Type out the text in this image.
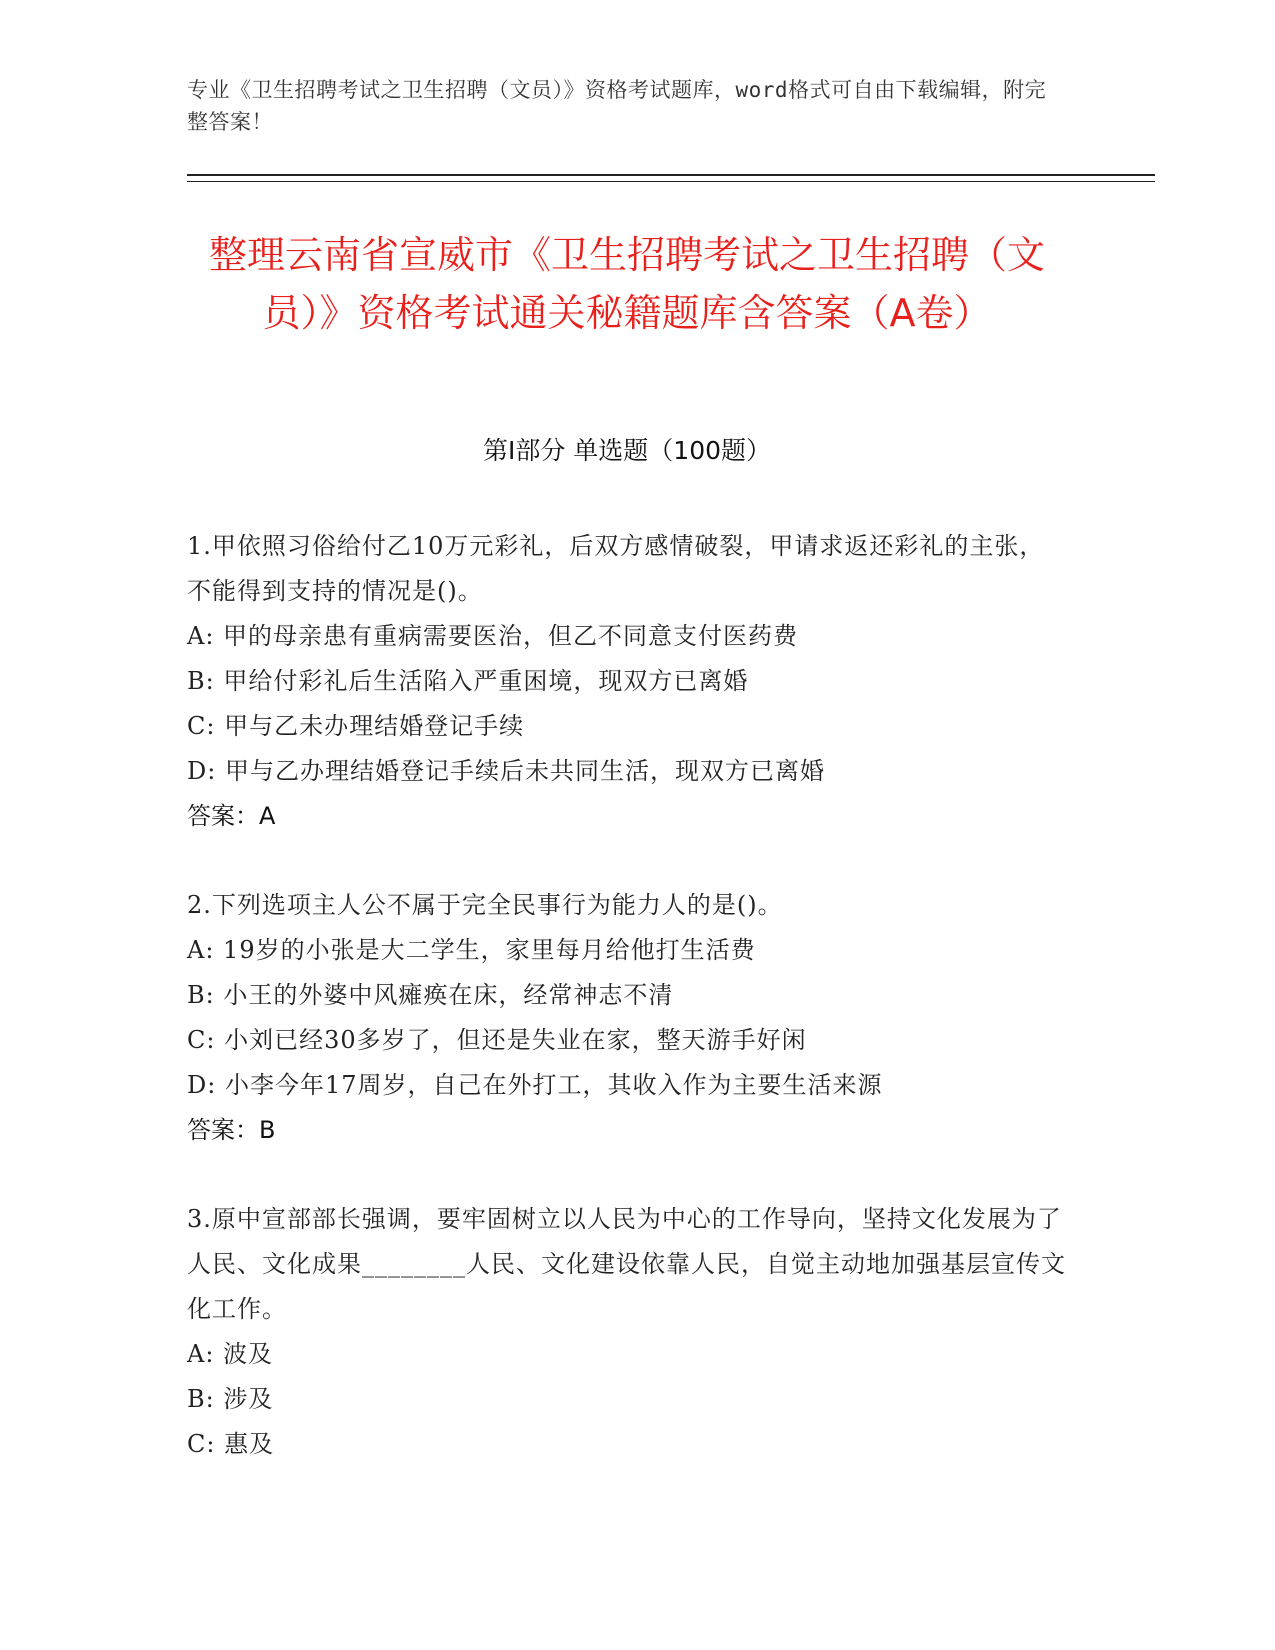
专业《卫生招聘考试之卫生招聘（文员）》资格考试题库，word格式可自由下载编辑，附完整答案！
整理云南省宣威市《卫生招聘考试之卫生招聘（文员）》资格考试通关秘籍题库含答案（A卷）
第Ⅰ部分 单选题（100题）
1.甲依照习俗给付乙10万元彩礼，后双方感情破裂，甲请求返还彩礼的主张，不能得到支持的情况是()。
A: 甲的母亲患有重病需要医治，但乙不同意支付医药费
B: 甲给付彩礼后生活陷入严重困境，现双方已离婚
C: 甲与乙未办理结婚登记手续
D: 甲与乙办理结婚登记手续后未共同生活，现双方已离婚
答案：A
2.下列选项主人公不属于完全民事行为能力人的是()。
A: 19岁的小张是大二学生，家里每月给他打生活费
B: 小王的外婆中风瘫痪在床，经常神志不清
C: 小刘已经30多岁了，但还是失业在家，整天游手好闲
D: 小李今年17周岁，自己在外打工，其收入作为主要生活来源
答案：B
3.原中宣部部长强调，要牢固树立以人民为中心的工作导向，坚持文化发展为了人民、文化成果________人民、文化建设依靠人民，自觉主动地加强基层宣传文化工作。
A: 波及
B: 涉及
C: 惠及
